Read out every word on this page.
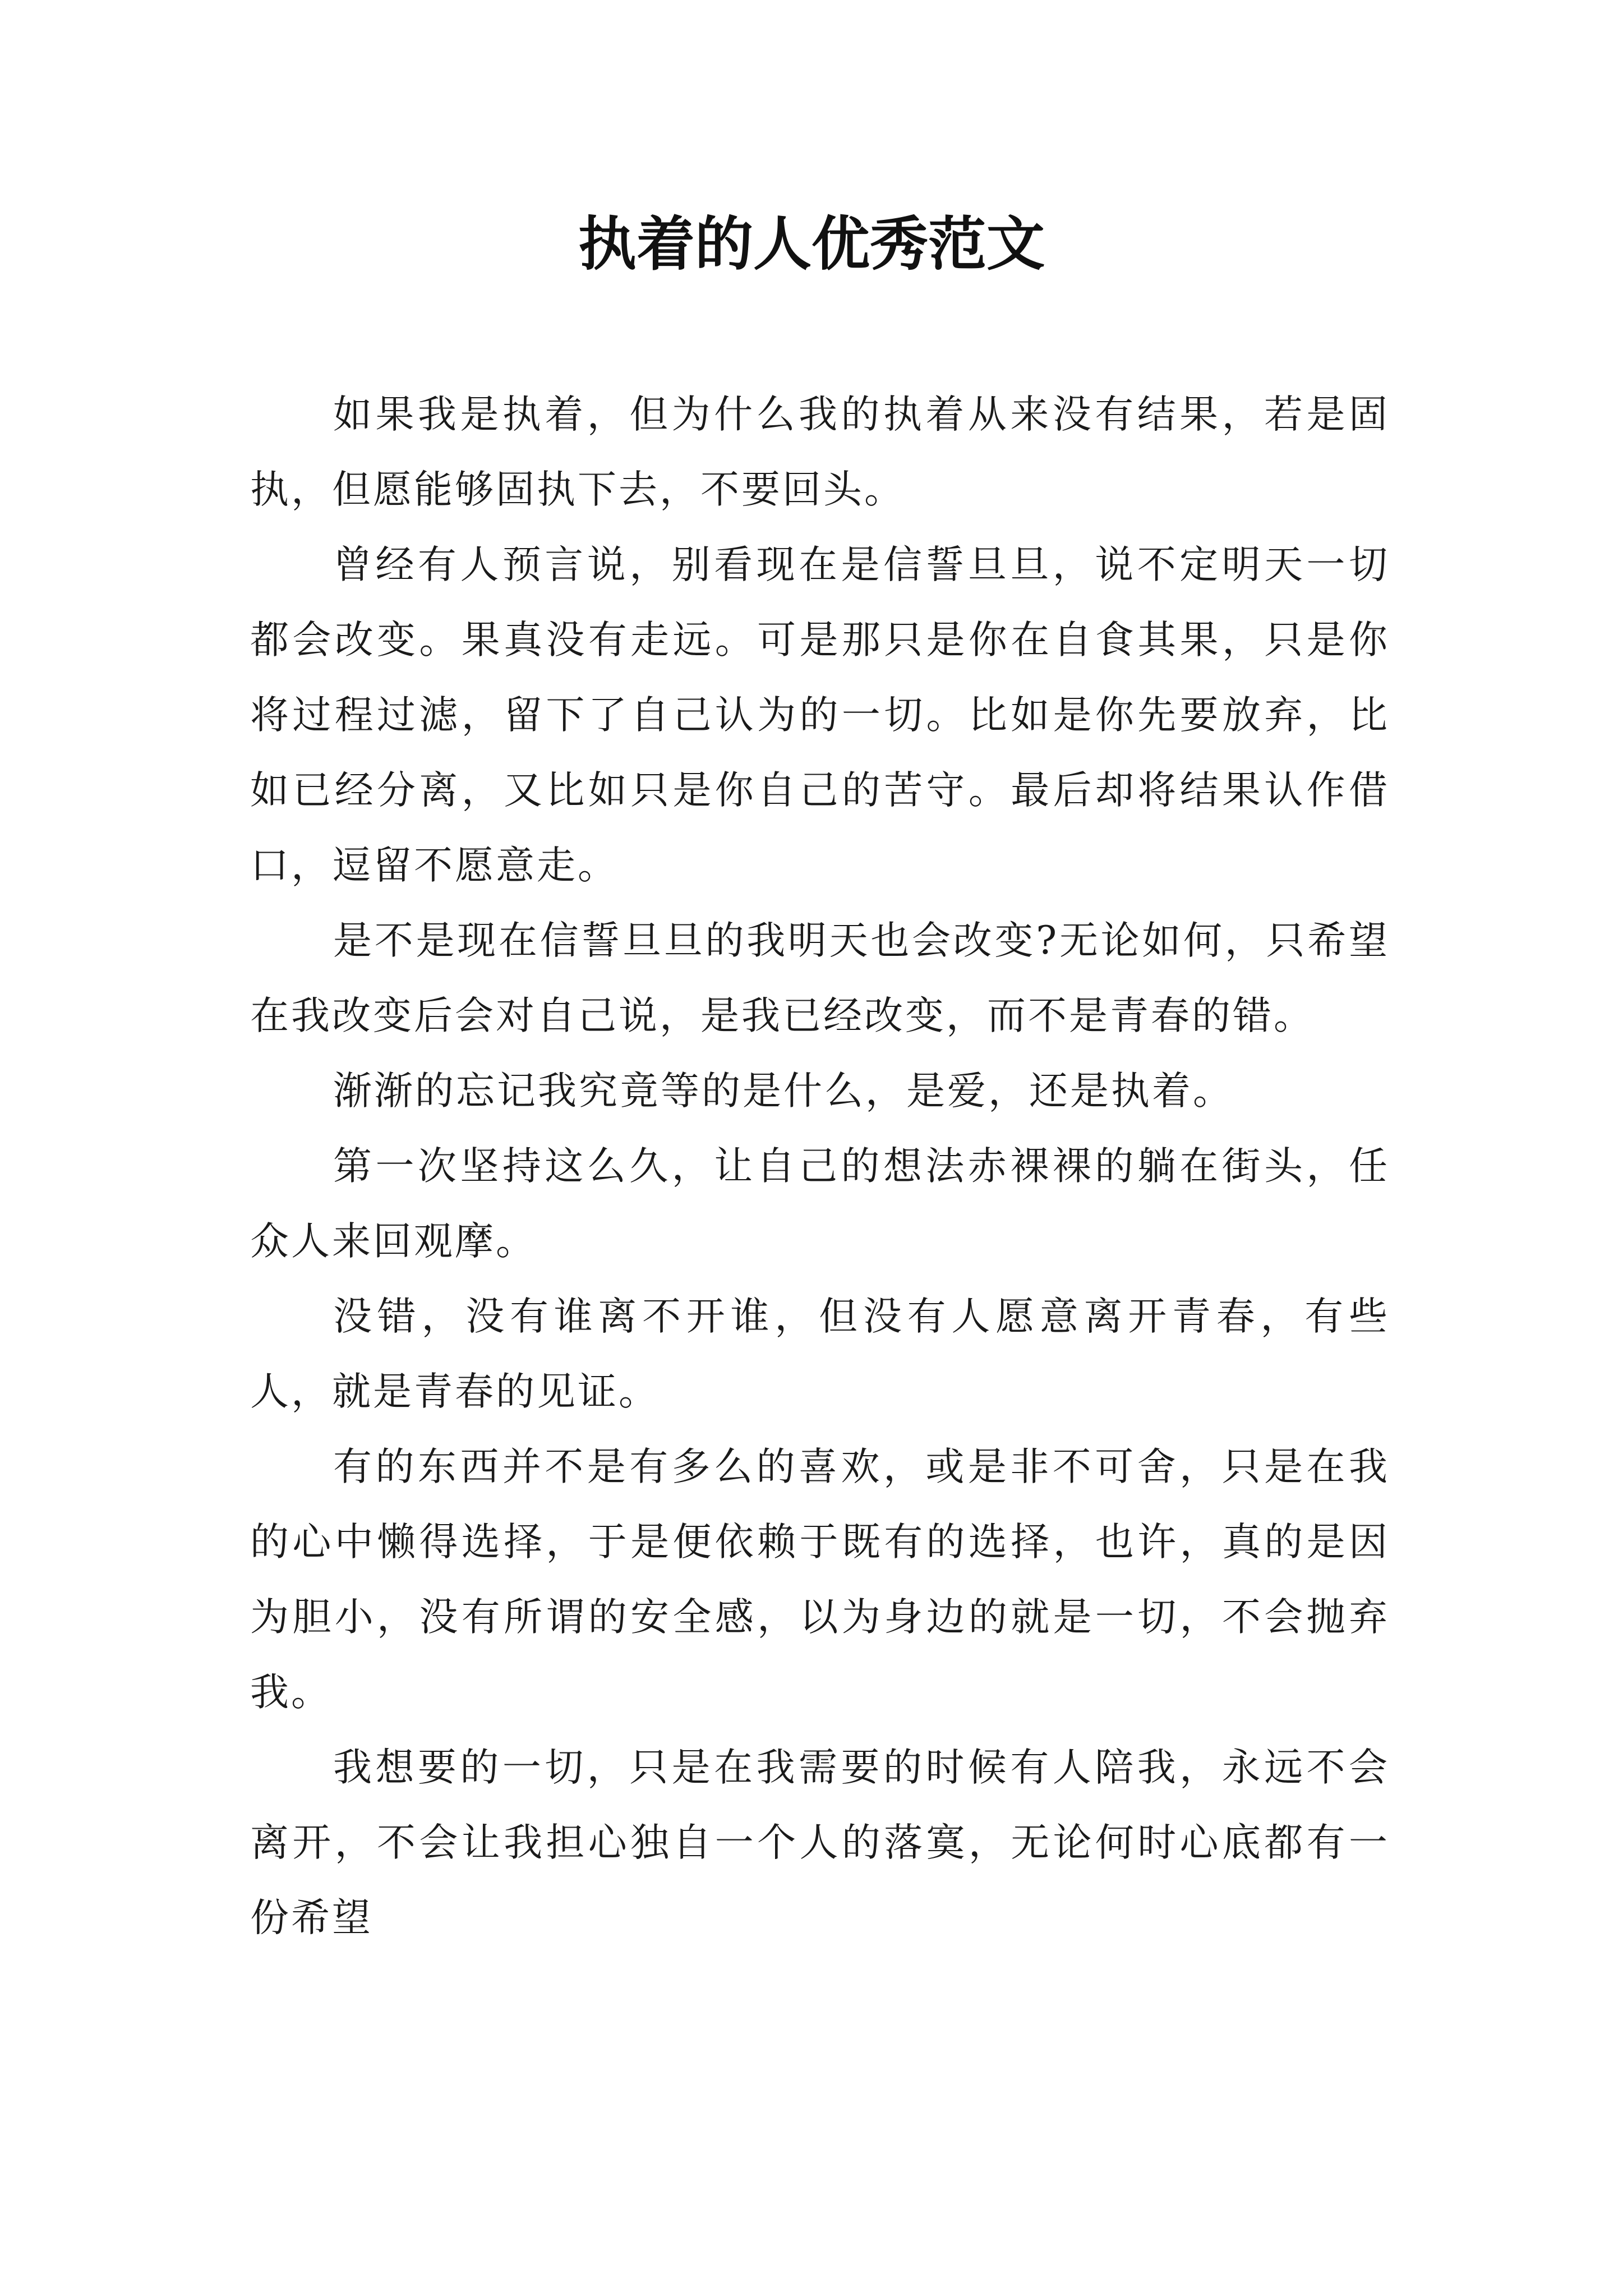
执着的人优秀范文

如果我是执着，但为什么我的执着从来没有结果，若是固执，但愿能够固执下去，不要回头。

曾经有人预言说，别看现在是信誓旦旦，说不定明天一切都会改变。果真没有走远。可是那只是你在自食其果，只是你将过程过滤，留下了自己认为的一切。比如是你先要放弃，比如已经分离，又比如只是你自己的苦守。最后却将结果认作借口，逗留不愿意走。

是不是现在信誓旦旦的我明天也会改变?无论如何，只希望在我改变后会对自己说，是我已经改变，而不是青春的错。

渐渐的忘记我究竟等的是什么，是爱，还是执着。

第一次坚持这么久，让自己的想法赤裸裸的躺在街头，任众人来回观摩。

没错，没有谁离不开谁，但没有人愿意离开青春，有些人，就是青春的见证。

有的东西并不是有多么的喜欢，或是非不可舍，只是在我的心中懒得选择，于是便依赖于既有的选择，也许，真的是因为胆小，没有所谓的安全感，以为身边的就是一切，不会抛弃我。

我想要的一切，只是在我需要的时候有人陪我，永远不会离开，不会让我担心独自一个人的落寞，无论何时心底都有一份希望
